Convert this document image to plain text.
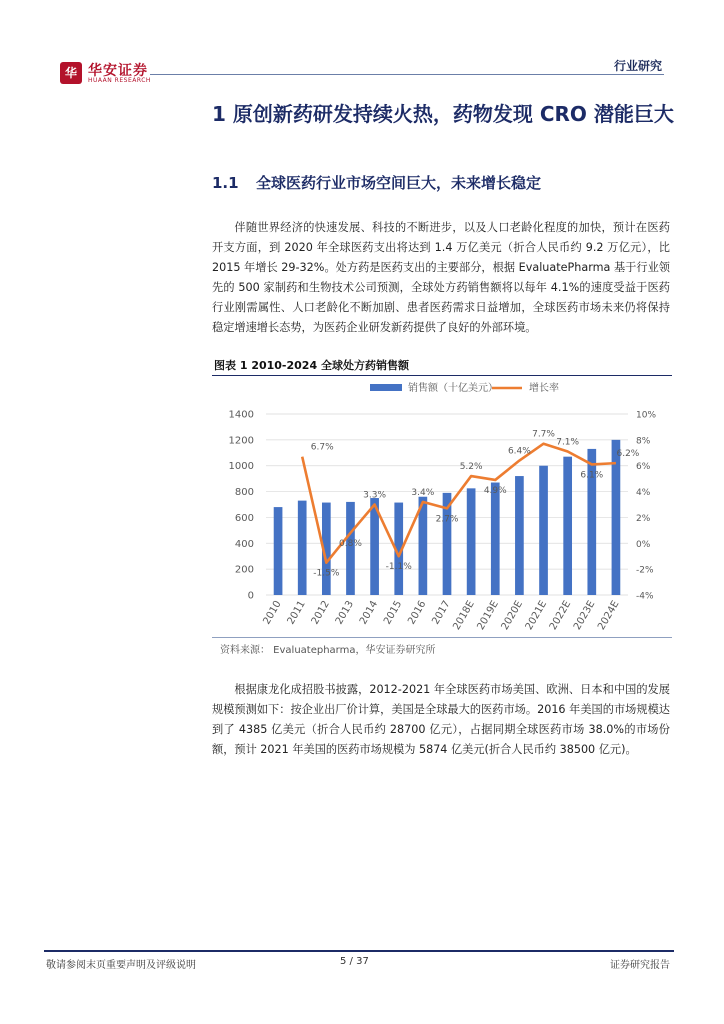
华 华安证券
HUAAN RESEARCH
行业研究
1 原创新药研发持续火热，药物发现 CRO 潜能巨大
1.1 全球医药行业市场空间巨大，未来增长稳定
伴随世界经济的快速发展、科技的不断进步，以及人口老龄化程度的加快，预计在医药开支方面，到 2020 年全球医药支出将达到 1.4 万亿美元（折合人民币约 9.2 万亿元），比 2015 年增长 29-32%。处方药是医药支出的主要部分，根据 EvaluatePharma 基于行业领先的 500 家制药和生物技术公司预测，全球处方药销售额将以每年 4.1%的速度受益于医药行业刚需属性、人口老龄化不断加剧、患者医药需求日益增加，全球医药市场未来仍将保持稳定增速增长态势，为医药企业研发新药提供了良好的外部环境。
图表 1 2010-2024 全球处方药销售额
0
200
400
600
800
1000
1200
1400
-4%
-2%
0%
2%
4%
6%
8%
10%
6.7%
-1.5%
0.8%
3.3%
-1.1%
3.4%
2.7%
5.2%
4.9%
6.4%
7.7%
7.1%
6.1%
6.2%
2010 2011 2012 2013 2014 2015 2016 2017
2018E
2019E
2020E
2021E
2022E
2023E
2024E
销售额（十亿美元）	增长率
资料来源： Evaluatepharma，华安证券研究所
根据康龙化成招股书披露，2012-2021 年全球医药市场美国、欧洲、日本和中国的发展规模预测如下：按企业出厂价计算，美国是全球最大的医药市场。2016 年美国的市场规模达到了 4385 亿美元（折合人民币约 28700 亿元），占据同期全球医药市场 38.0%的市场份额，预计 2021 年美国的医药市场规模为 5874 亿美元(折合人民币约 38500 亿元)。
敬请参阅末页重要声明及评级说明	5 / 37	证券研究报告
